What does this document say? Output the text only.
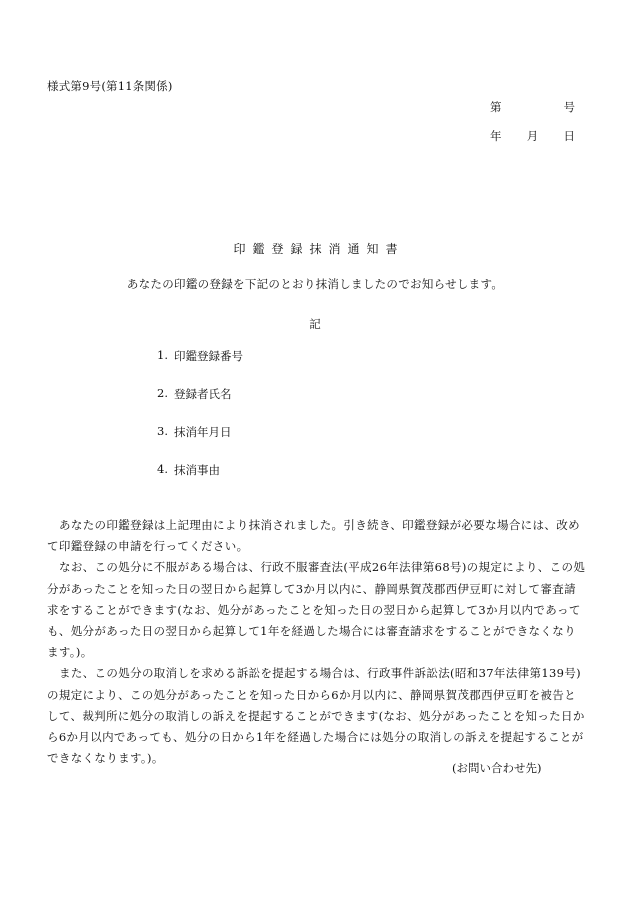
様式第9号(第11条関係)
第	号
年 月 日
印鑑登録抹消通知書
あなたの印鑑の登録を下記のとおり抹消しましたのでお知らせします。
記
1. 印鑑登録番号
2. 登録者氏名
3. 抹消年月日
4. 抹消事由

あなたの印鑑登録は上記理由により抹消されました。引き続き、印鑑登録が必要な場合には、改めて印鑑登録の申請を行ってください。

なお、この処分に不服がある場合は、行政不服審査法(平成26年法律第68号)の規定により、この処分があったことを知った日の翌日から起算して3か月以内に、静岡県賀茂郡西伊豆町に対して審査請求をすることができます(なお、処分があったことを知った日の翌日から起算して3か月以内であっても、処分があった日の翌日から起算して1年を経過した場合には審査請求をすることができなくなります。)。

また、この処分の取消しを求める訴訟を提起する場合は、行政事件訴訟法(昭和37年法律第139号)の規定により、この処分があったことを知った日から6か月以内に、静岡県賀茂郡西伊豆町を被告として、裁判所に処分の取消しの訴えを提起することができます(なお、処分があったことを知った日から6か月以内であっても、処分の日から1年を経過した場合には処分の取消しの訴えを提起することができなくなります。)。

(お問い合わせ先)
